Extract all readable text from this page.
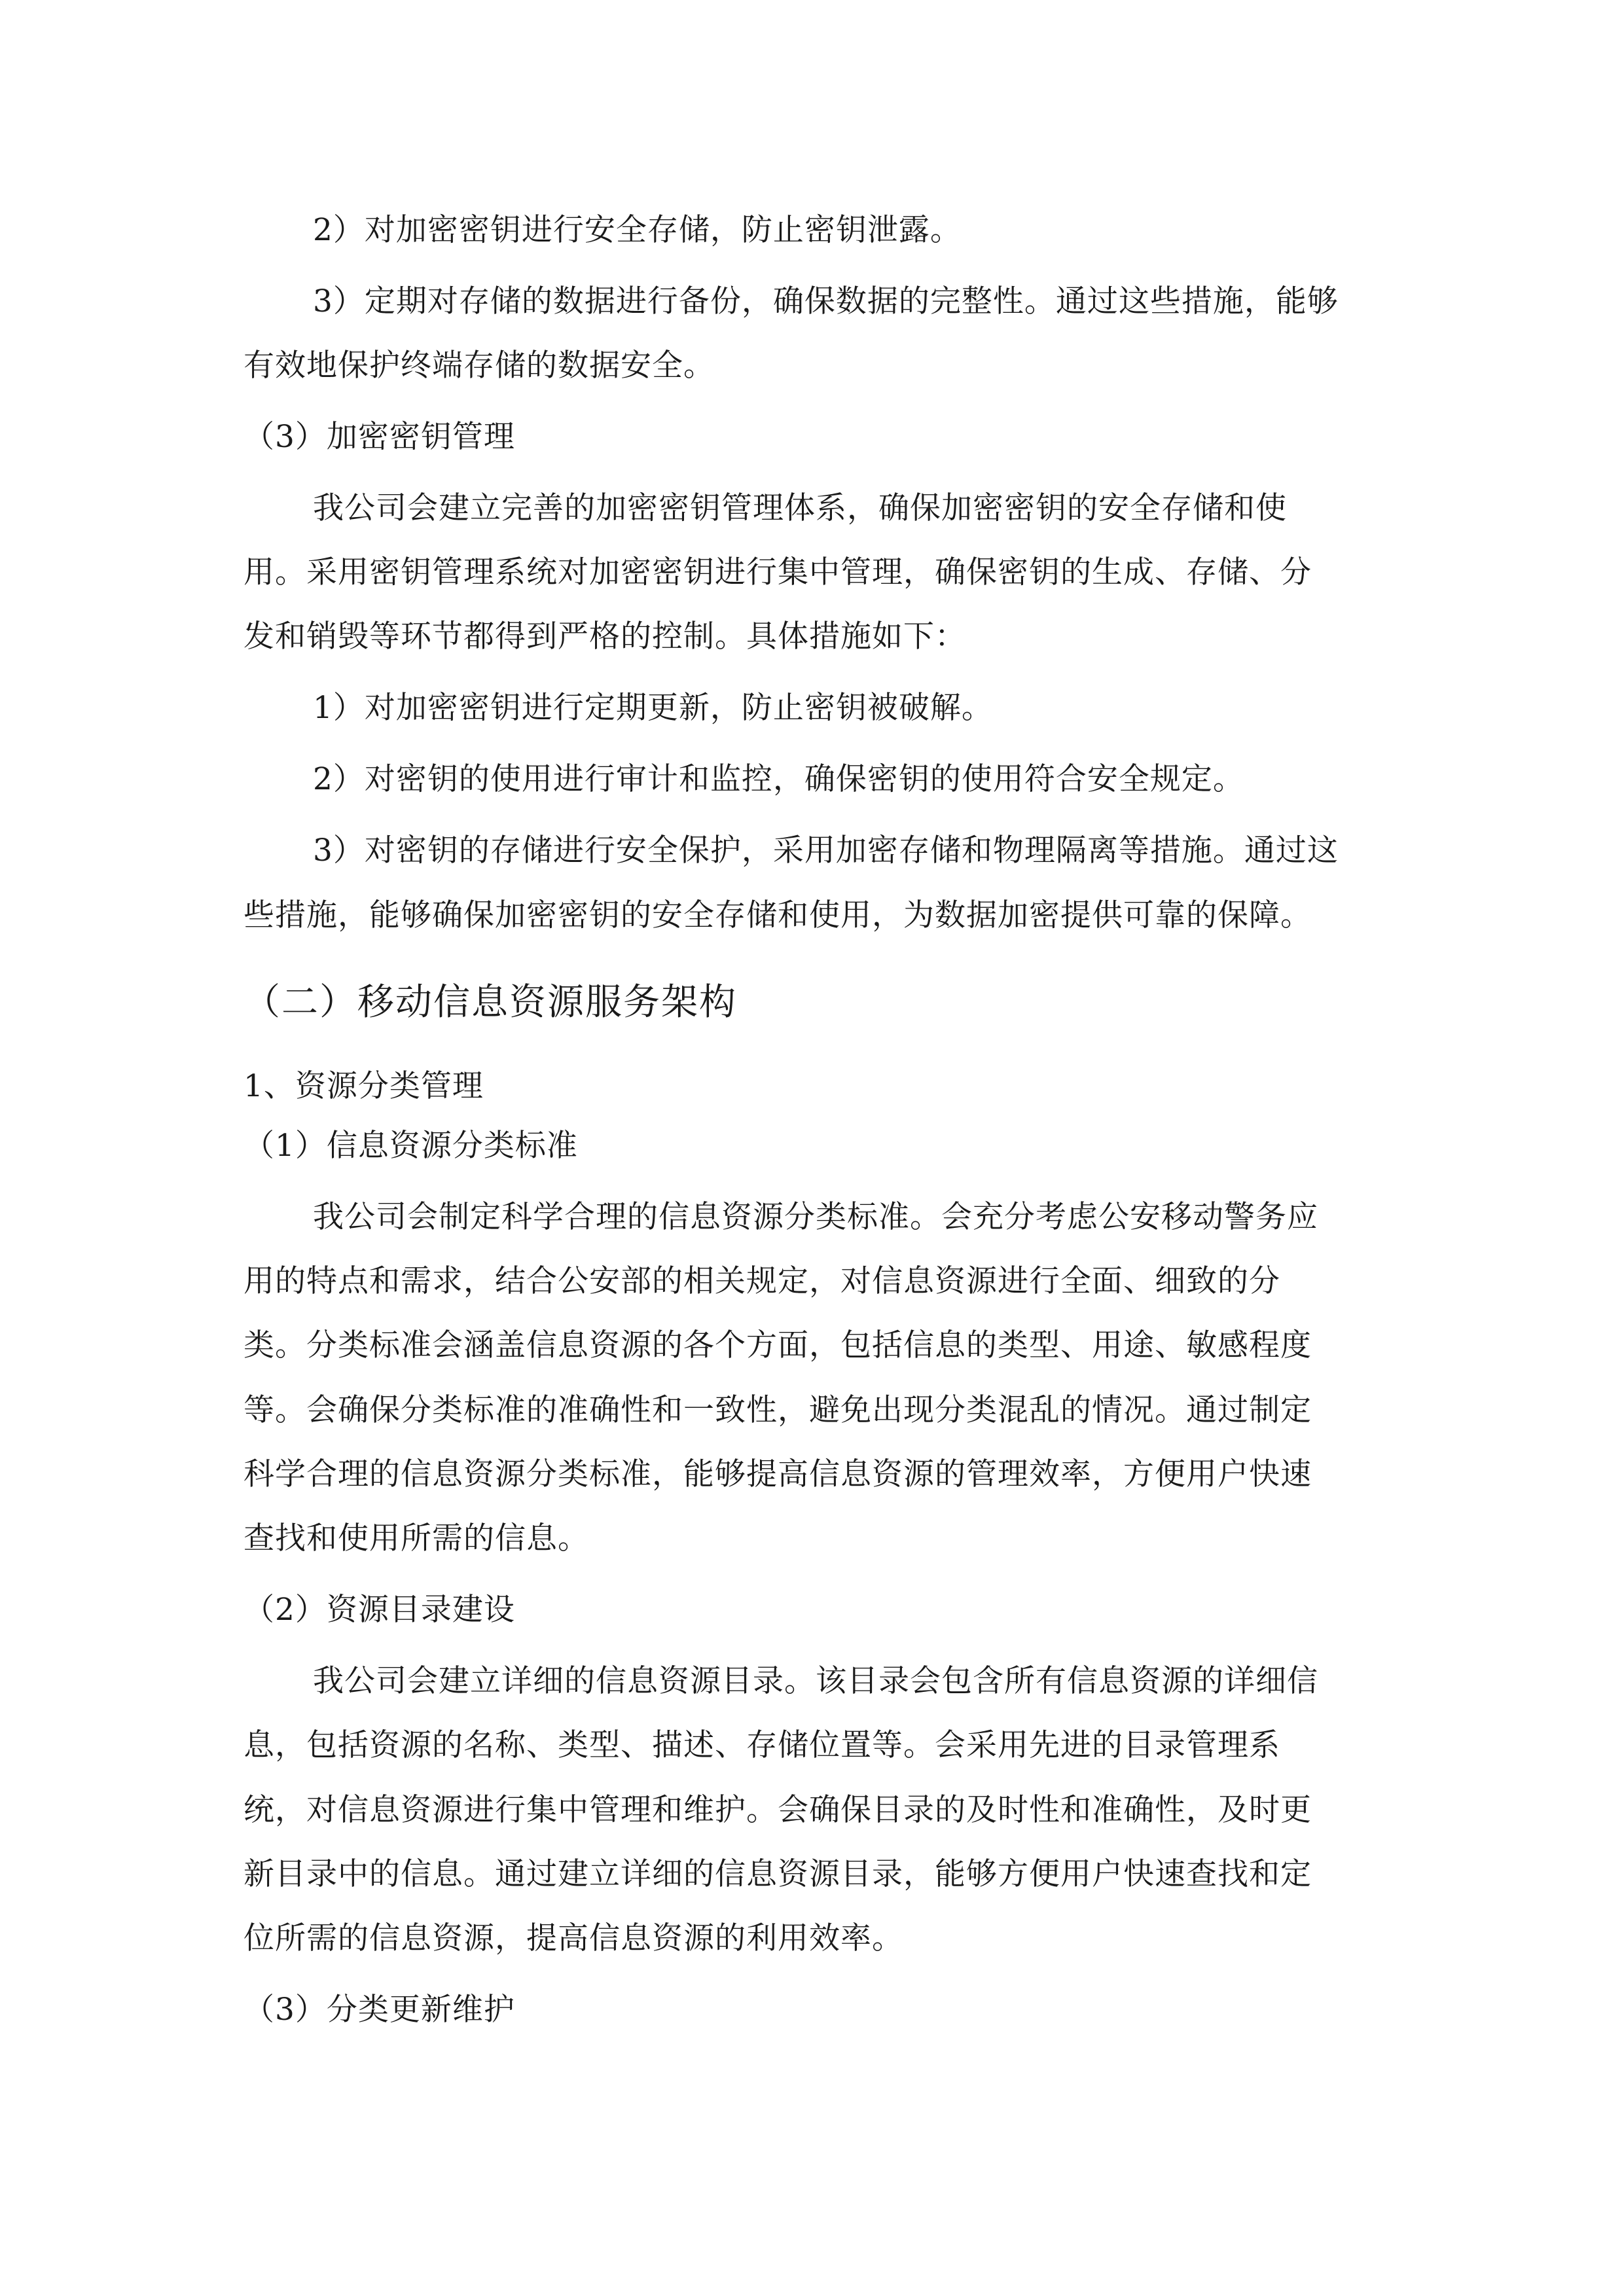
2）对加密密钥进行安全存储，防止密钥泄露。
3）定期对存储的数据进行备份，确保数据的完整性。通过这些措施，能够
有效地保护终端存储的数据安全。
（3）加密密钥管理
我公司会建立完善的加密密钥管理体系，确保加密密钥的安全存储和使
用。采用密钥管理系统对加密密钥进行集中管理，确保密钥的生成、存储、分
发和销毁等环节都得到严格的控制。具体措施如下：
1）对加密密钥进行定期更新，防止密钥被破解。
2）对密钥的使用进行审计和监控，确保密钥的使用符合安全规定。
3）对密钥的存储进行安全保护，采用加密存储和物理隔离等措施。通过这
些措施，能够确保加密密钥的安全存储和使用，为数据加密提供可靠的保障。
（二）移动信息资源服务架构
1、资源分类管理
（1）信息资源分类标准
我公司会制定科学合理的信息资源分类标准。会充分考虑公安移动警务应
用的特点和需求，结合公安部的相关规定，对信息资源进行全面、细致的分
类。分类标准会涵盖信息资源的各个方面，包括信息的类型、用途、敏感程度
等。会确保分类标准的准确性和一致性，避免出现分类混乱的情况。通过制定
科学合理的信息资源分类标准，能够提高信息资源的管理效率，方便用户快速
查找和使用所需的信息。
（2）资源目录建设
我公司会建立详细的信息资源目录。该目录会包含所有信息资源的详细信
息，包括资源的名称、类型、描述、存储位置等。会采用先进的目录管理系
统，对信息资源进行集中管理和维护。会确保目录的及时性和准确性，及时更
新目录中的信息。通过建立详细的信息资源目录，能够方便用户快速查找和定
位所需的信息资源，提高信息资源的利用效率。
（3）分类更新维护
